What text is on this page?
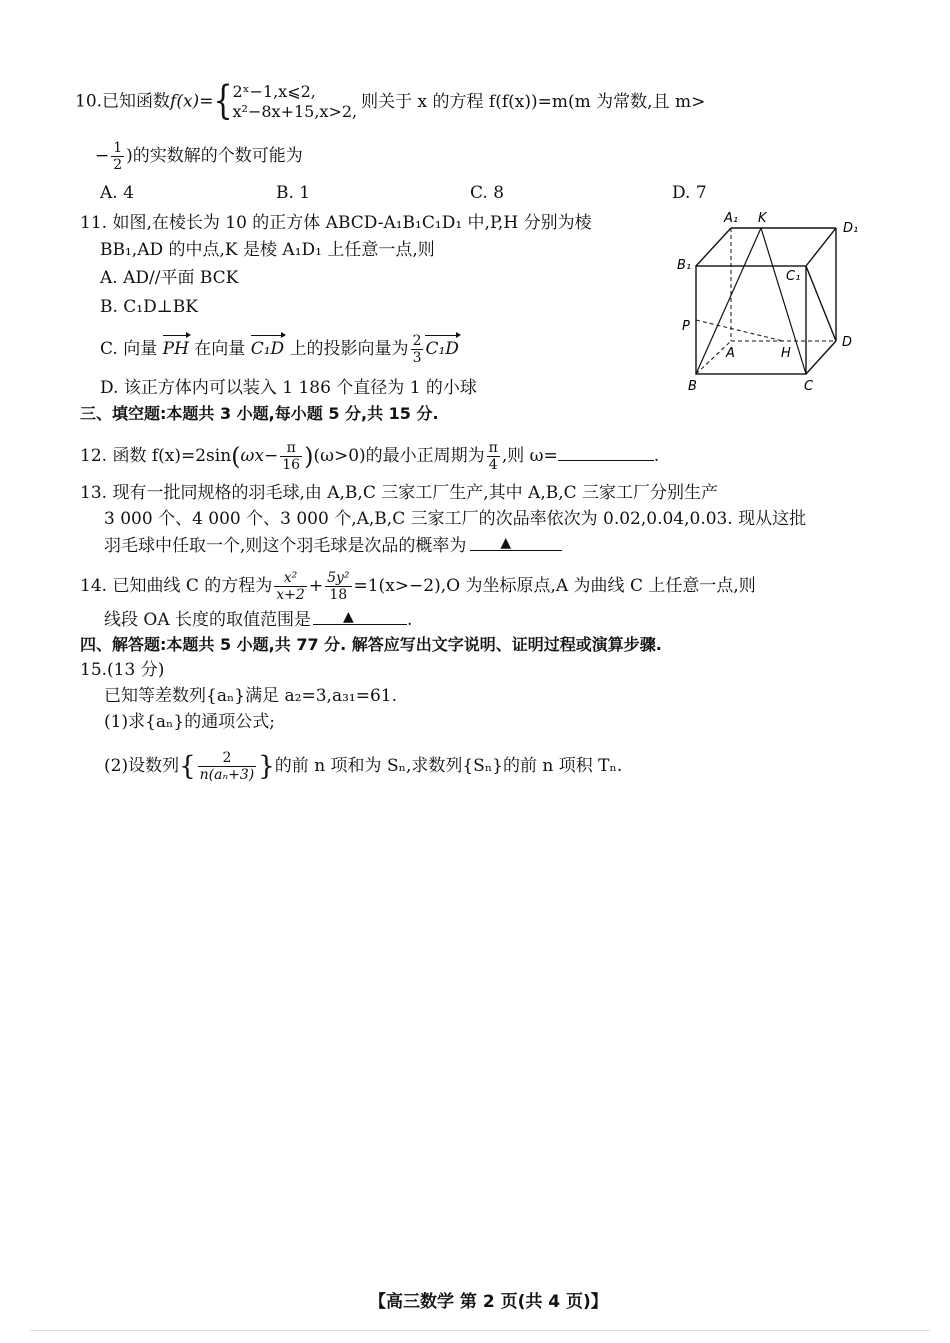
10.已知函数f(x)={ 2ˣ−1,x⩽2,
x²−8x+15,x>2, 则关于 x 的方程 f(f(x))=m(m 为常数,且 m>
− $\frac{1}{2}$ )的实数解的个数可能为
A. 4	B. 1	C. 8	D. 7
11. 如图,在棱长为 10 的正方体 ABCD-A₁B₁C₁D₁ 中,P,H 分别为棱
BB₁,AD 的中点,K 是棱 A₁D₁ 上任意一点,则
A. AD//平面 BCK
B. C₁D⊥BK
C. 向量 PH 在向量 C₁D 上的投影向量为 $\frac{2}{3} C_1D$
D. 该正方体内可以装入 1 186 个直径为 1 的小球
A₁ K
D₁
B₁
C₁
P
A	H
D
B	C
三、填空题:本题共 3 小题,每小题 5 分,共 15 分.
12. 函数 $f(x)=2\sin(\omega x- \frac{\pi}{16} )(\omega>0)$的最小正周期为 $\frac{\pi}{4}$ ,则 ω=	.
13. 现有一批同规格的羽毛球,由 A,B,C 三家工厂生产,其中 A,B,C 三家工厂分别生产
3 000 个、4 000 个、3 000 个,A,B,C 三家工厂的次品率依次为 0.02,0.04,0.03. 现从这批
羽毛球中任取一个,则这个羽毛球是次品的概率为 ▲
14. 已知曲线 C 的方程为 $\frac{\text{x²}}{x+2} + \frac{\text{5y²}}{18} =1(x>-2),O$ 为坐标原点,A 为曲线 C 上任意一点,则
线段 OA 长度的取值范围是 ▲	.
四、解答题:本题共 5 小题,共 77 分. 解答应写出文字说明、证明过程或演算步骤.
15.(13 分)
已知等差数列{aₙ}满足 a₂=3,a₃₁=61.
(1)求{aₙ}的通项公式;
(2)设数列{ $\frac{2}{\text{n(aₙ+3)}}$ }的前 n 项和为 Sₙ,求数列{Sₙ}的前 n 项积 Tₙ.
【高三数学 第 2 页(共 4 页)】
